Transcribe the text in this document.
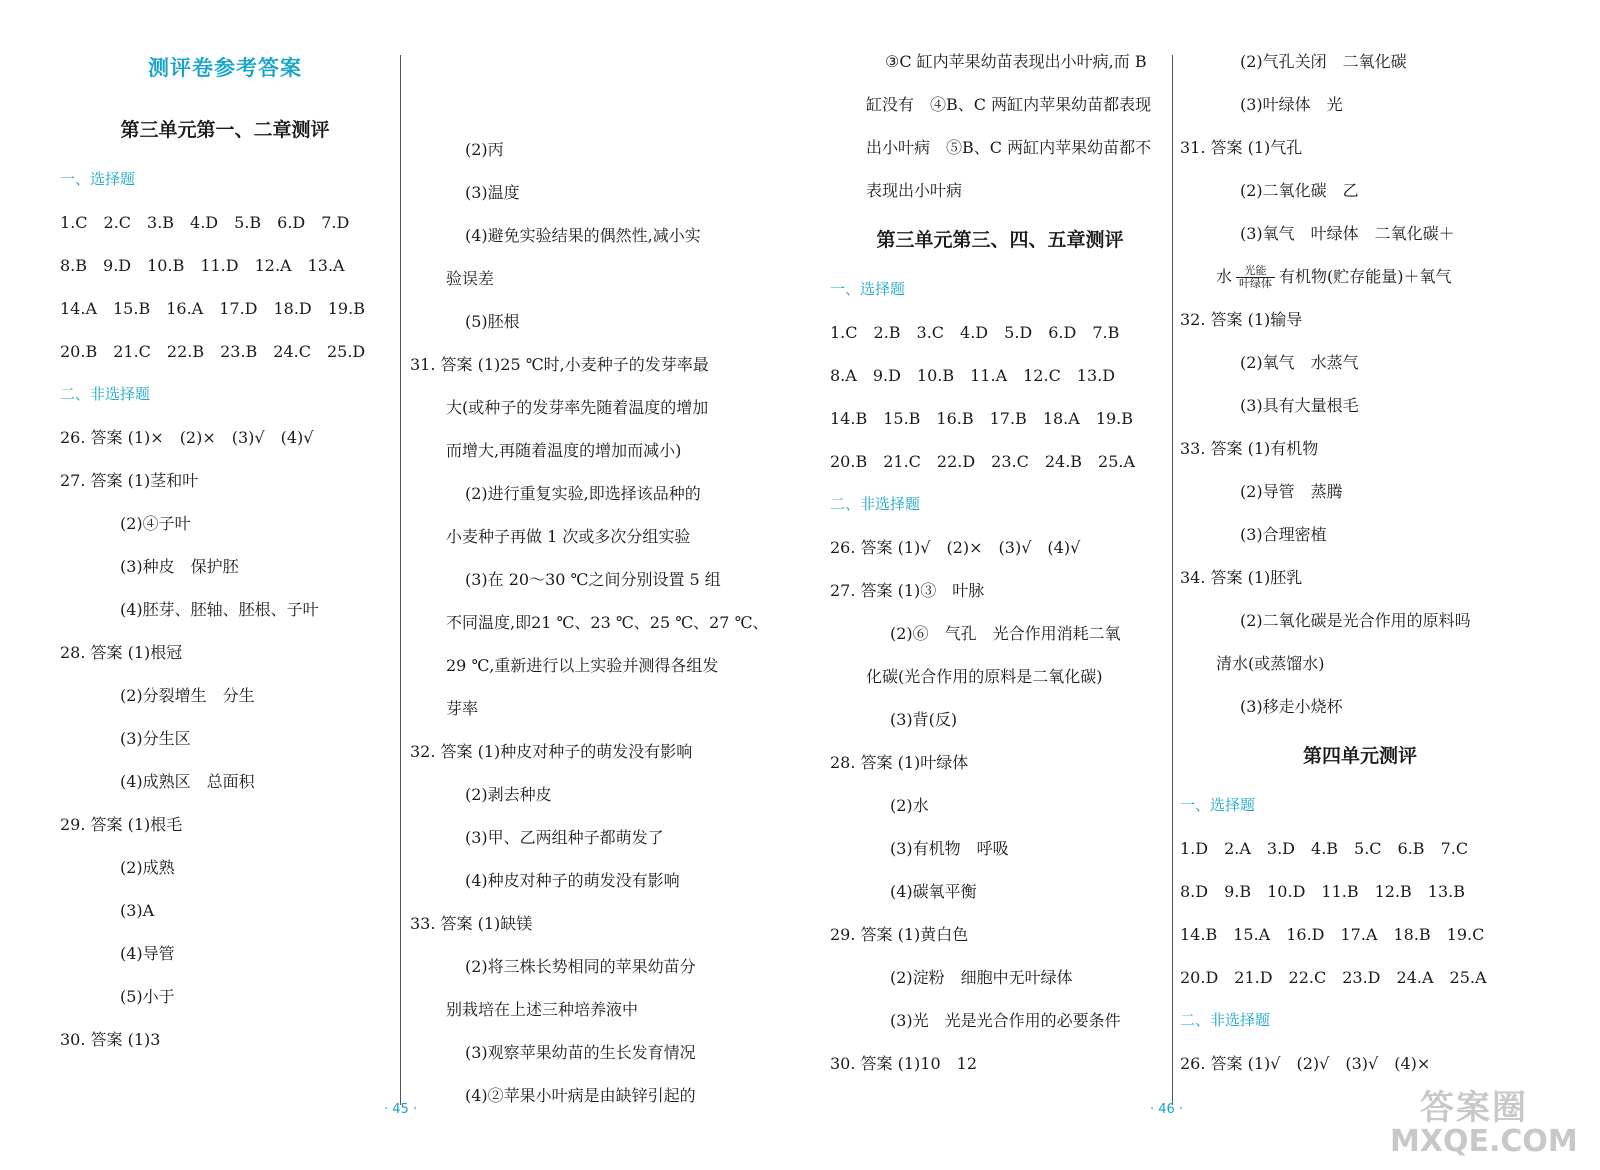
测评卷参考答案
第三单元第一、二章测评
一、选择题
1.C　2.C　3.B　4.D　5.B　6.D　7.D
8.B　9.D　10.B　11.D　12.A　13.A
14.A　15.B　16.A　17.D　18.D　19.B
20.B　21.C　22.B　23.B　24.C　25.D
二、非选择题
26. 答案 (1)×　(2)×　(3)√　(4)√
27. 答案 (1)茎和叶
(2)④子叶
(3)种皮　保护胚
(4)胚芽、胚轴、胚根、子叶
28. 答案 (1)根冠
(2)分裂增生　分生
(3)分生区
(4)成熟区　总面积
29. 答案 (1)根毛
(2)成熟
(3)A
(4)导管
(5)小于
30. 答案 (1)3
(2)丙
(3)温度
(4)避免实验结果的偶然性,减小实
验误差
(5)胚根
31. 答案 (1)25 ℃时,小麦种子的发芽率最
大(或种子的发芽率先随着温度的增加
而增大,再随着温度的增加而减小)
(2)进行重复实验,即选择该品种的
小麦种子再做 1 次或多次分组实验
(3)在 20～30 ℃之间分别设置 5 组
不同温度,即21 ℃、23 ℃、25 ℃、27 ℃、
29 ℃,重新进行以上实验并测得各组发
芽率
32. 答案 (1)种皮对种子的萌发没有影响
(2)剥去种皮
(3)甲、乙两组种子都萌发了
(4)种皮对种子的萌发没有影响
33. 答案 (1)缺镁
(2)将三株长势相同的苹果幼苗分
别栽培在上述三种培养液中
(3)观察苹果幼苗的生长发育情况
(4)②苹果小叶病是由缺锌引起的
· 45 ·
③C 缸内苹果幼苗表现出小叶病,而 B
缸没有　④B、C 两缸内苹果幼苗都表现
出小叶病　⑤B、C 两缸内苹果幼苗都不
表现出小叶病
第三单元第三、四、五章测评
一、选择题
1.C　2.B　3.C　4.D　5.D　6.D　7.B
8.A　9.D　10.B　11.A　12.C　13.D
14.B　15.B　16.B　17.B　18.A　19.B
20.B　21.C　22.D　23.C　24.B　25.A
二、非选择题
26. 答案 (1)√　(2)×　(3)√　(4)√
27. 答案 (1)③　叶脉
(2)⑥　气孔　光合作用消耗二氧
化碳(光合作用的原料是二氧化碳)
(3)背(反)
28. 答案 (1)叶绿体
(2)水
(3)有机物　呼吸
(4)碳氧平衡
29. 答案 (1)黄白色
(2)淀粉　细胞中无叶绿体
(3)光　光是光合作用的必要条件
30. 答案 (1)10　12
(2)气孔关闭　二氧化碳
(3)叶绿体　光
31. 答案 (1)气孔
(2)二氧化碳　乙
(3)氧气　叶绿体　二氧化碳＋
水	光能
叶绿体 有机物(贮存能量)＋氧气
32. 答案 (1)输导
(2)氧气　水蒸气
(3)具有大量根毛
33. 答案 (1)有机物
(2)导管　蒸腾
(3)合理密植
34. 答案 (1)胚乳
(2)二氧化碳是光合作用的原料吗
清水(或蒸馏水)
(3)移走小烧杯
第四单元测评
一、选择题
1.D　2.A　3.D　4.B　5.C　6.B　7.C
8.D　9.B　10.D　11.B　12.B　13.B
14.B　15.A　16.D　17.A　18.B　19.C
20.D　21.D　22.C　23.D　24.A　25.A
二、非选择题
26. 答案 (1)√　(2)√　(3)√　(4)×
· 46 ·	答案圈
MXQE.COM
